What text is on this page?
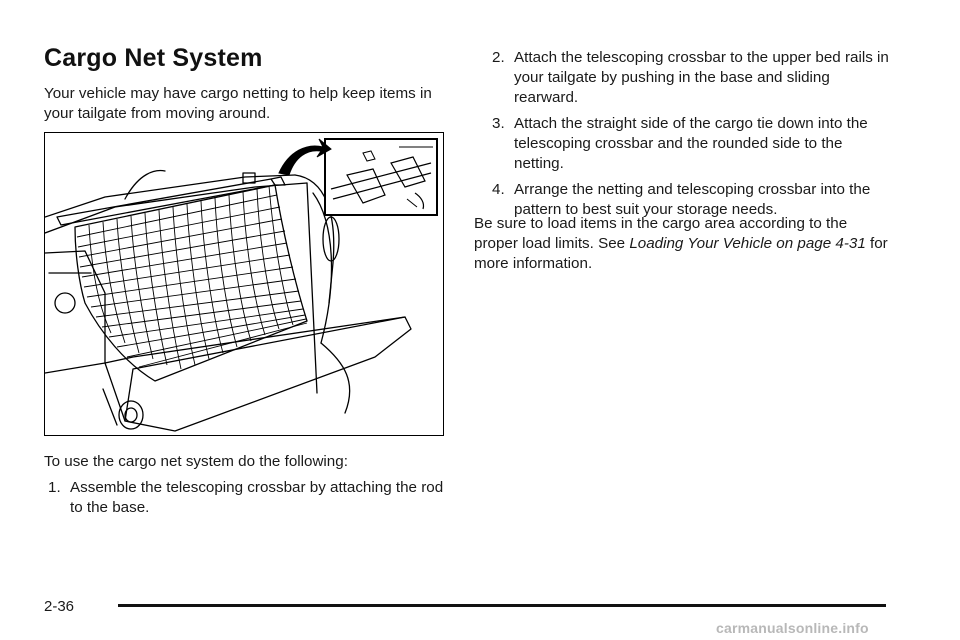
Cargo Net System

Your vehicle may have cargo netting to help keep items in your tailgate from moving around.

To use the cargo net system do the following:

1. Assemble the telescoping crossbar by attaching the rod to the base.
2. Attach the telescoping crossbar to the upper bed rails in your tailgate by pushing in the base and sliding rearward.
3. Attach the straight side of the cargo tie down into the telescoping crossbar and the rounded side to the netting.
4. Arrange the netting and telescoping crossbar into the pattern to best suit your storage needs.

Be sure to load items in the cargo area according to the proper load limits. See Loading Your Vehicle on page 4-31 for more information.

2-36
carmanualsonline.info
